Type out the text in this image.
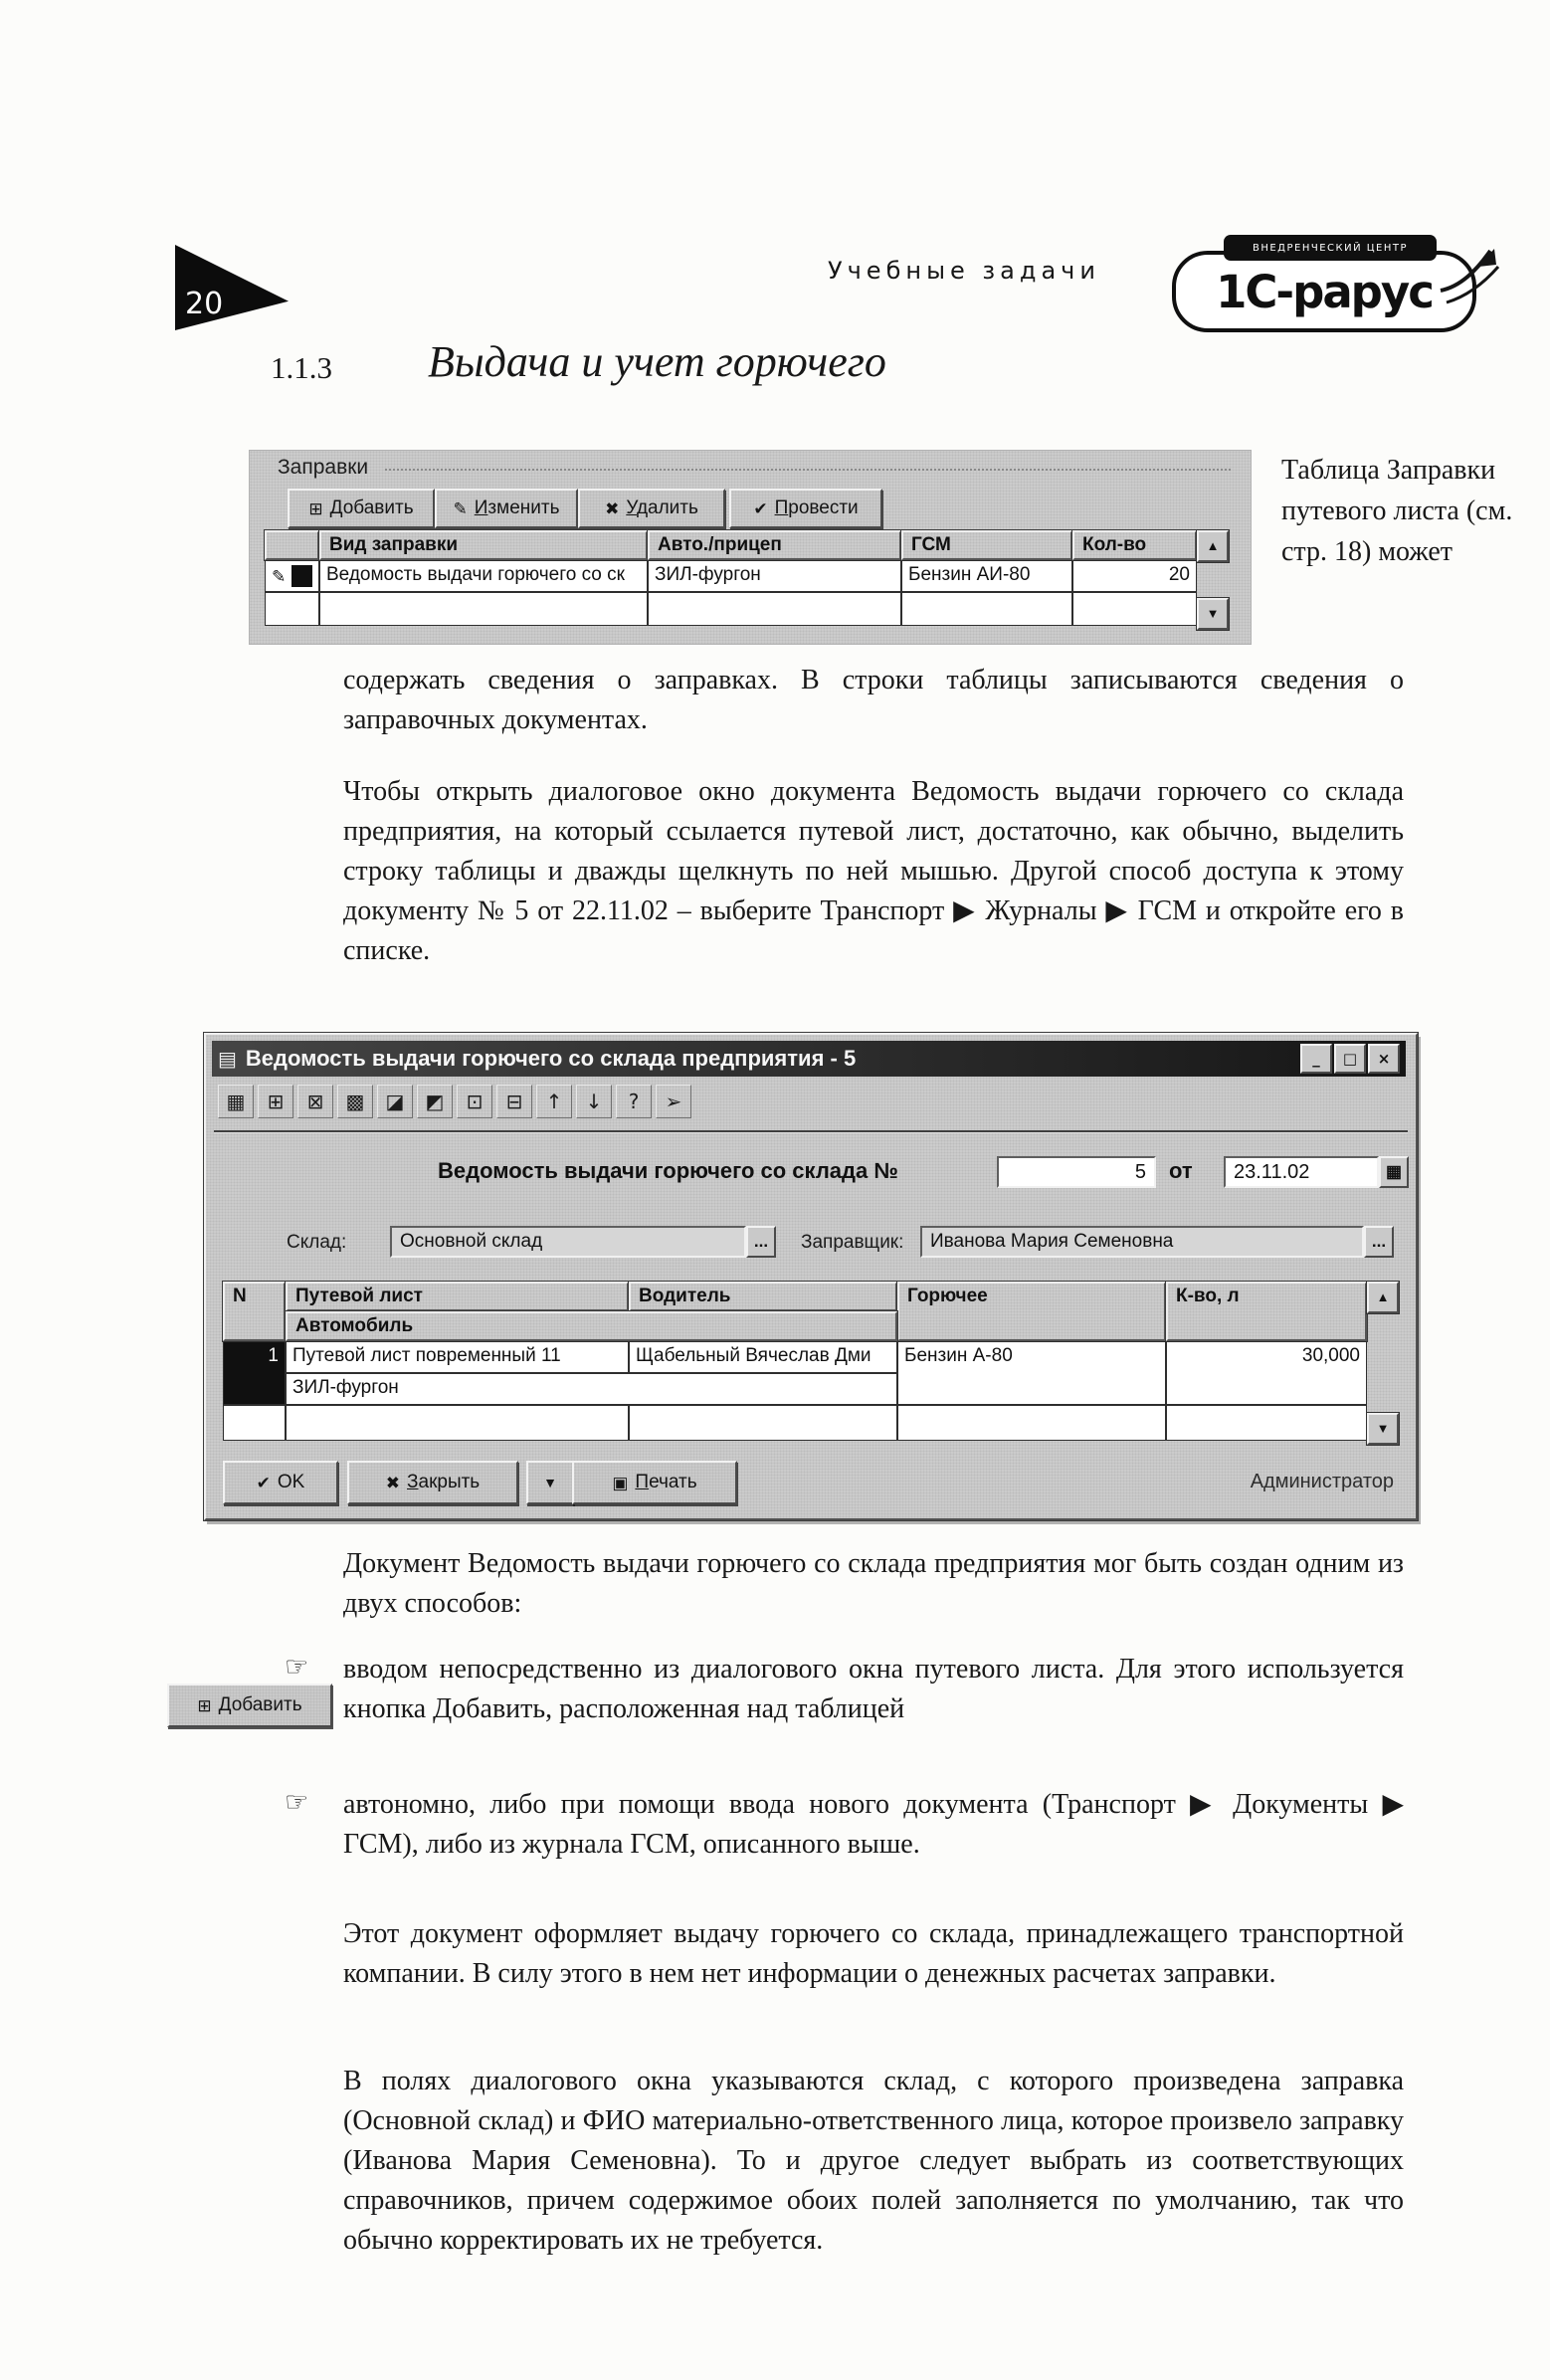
20
Учебные задачи	1С-рарус
ВНЕДРЕНЧЕСКИЙ ЦЕНТР
1.1.3 Выдача и учет горючего
Заправки
⊞ Добавить ✎ Изменить	✖ Удалить	✔ Провести
Вид заправки	Авто./прицеп	ГСМ	Кол-во	▲
✎	Ведомость выдачи горючего со ск	ЗИЛ-фургон	Бензин АИ-80	20
▼
Таблица Заправки путевого листа (см. стр. 18) может
содержать сведения о заправках. В строки таблицы записываются сведения о заправочных документах.
Чтобы открыть диалоговое окно документа Ведомость выдачи горючего со склада предприятия, на который ссылается путевой лист, достаточно, как обычно, выделить строку таблицы и дважды щелкнуть по ней мышью. Другой способ доступа к этому документу № 5 от 22.11.02 – выберите Транспорт ▶ Журналы ▶ ГСМ и откройте его в списке.
▤ Ведомость выдачи горючего со склада предприятия - 5	_	□	×
▦	⊞	⊠	▩	◪	◩	⊡	⊟	↑	↓	?	➢
Ведомость выдачи горючего со склада №	5	от	23.11.02	▦
Склад:	Основной склад	...	Заправщик:	Иванова Мария Семеновна	...
N	Путевой лист	Водитель	Горючее	К-во, л
Автомобиль
▲
1 Путевой лист повременный 11	Щабельный Вячеслав Дми	Бензин А-80	30,000
ЗИЛ-фургон
▼
✔ OK	✖ Закрыть	▼	▣ Печать	Администратор
Документ Ведомость выдачи горючего со склада предприятия мог быть создан одним из двух способов:
☞ вводом непосредственно из диалогового окна путевого листа. Для этого используется кнопка Добавить, расположенная над таблицей
⊞ Добавить
☞ автономно, либо при помощи ввода нового документа (Транспорт ▶ Документы ▶ ГСМ), либо из журнала ГСМ, описанного выше.
Этот документ оформляет выдачу горючего со склада, принадлежащего транспортной компании. В силу этого в нем нет информации о денежных расчетах заправки.
В полях диалогового окна указываются склад, с которого произведена заправка (Основной склад) и ФИО материально-ответственного лица, которое произвело заправку (Иванова Мария Семеновна). То и другое следует выбрать из соответствующих справочников, причем содержимое обоих полей заполняется по умолчанию, так что обычно корректировать их не требуется.
